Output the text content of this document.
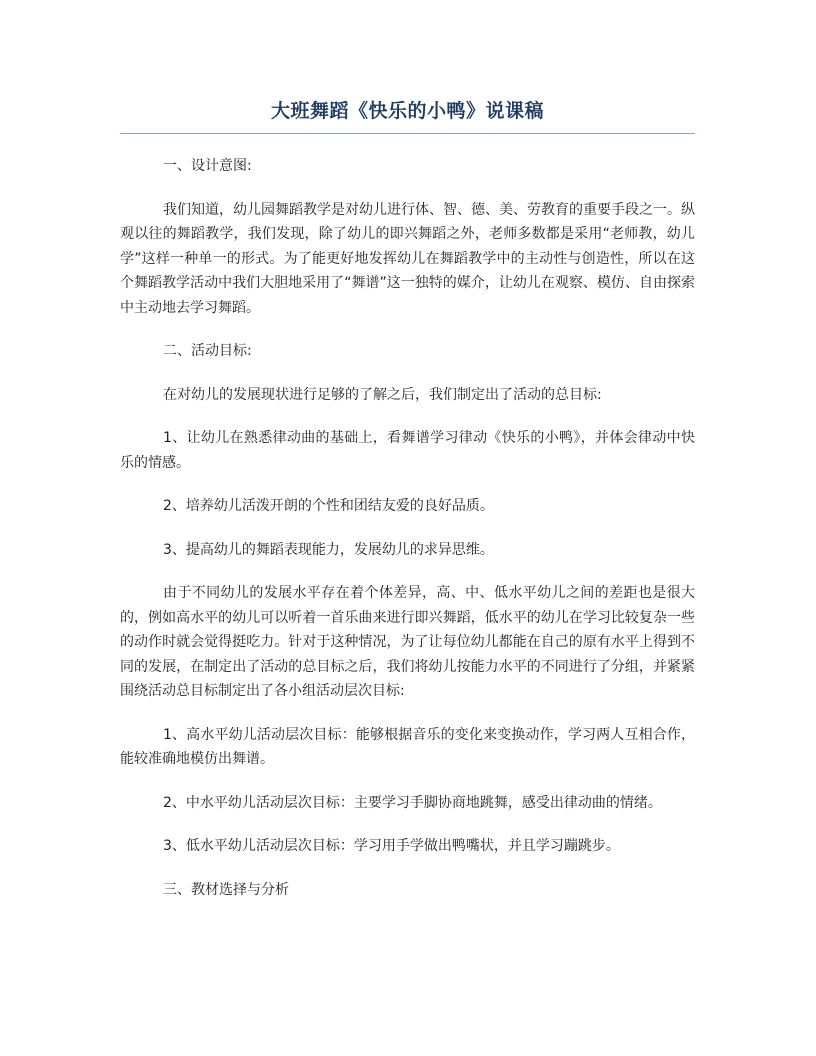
大班舞蹈《快乐的小鸭》说课稿

一、设计意图:

我们知道，幼儿园舞蹈教学是对幼儿进行体、智、德、美、劳教育的重要手段之一。纵观以往的舞蹈教学，我们发现，除了幼儿的即兴舞蹈之外，老师多数都是采用“老师教，幼儿学”这样一种单一的形式。为了能更好地发挥幼儿在舞蹈教学中的主动性与创造性，所以在这个舞蹈教学活动中我们大胆地采用了“舞谱”这一独特的媒介，让幼儿在观察、模仿、自由探索中主动地去学习舞蹈。

二、活动目标:

在对幼儿的发展现状进行足够的了解之后，我们制定出了活动的总目标:

1、让幼儿在熟悉律动曲的基础上，看舞谱学习律动《快乐的小鸭》，并体会律动中快乐的情感。

2、培养幼儿活泼开朗的个性和团结友爱的良好品质。

3、提高幼儿的舞蹈表现能力，发展幼儿的求异思维。

由于不同幼儿的发展水平存在着个体差异，高、中、低水平幼儿之间的差距也是很大的，例如高水平的幼儿可以听着一首乐曲来进行即兴舞蹈，低水平的幼儿在学习比较复杂一些的动作时就会觉得挺吃力。针对于这种情况，为了让每位幼儿都能在自己的原有水平上得到不同的发展，在制定出了活动的总目标之后，我们将幼儿按能力水平的不同进行了分组，并紧紧围绕活动总目标制定出了各小组活动层次目标:

1、高水平幼儿活动层次目标：能够根据音乐的变化来变换动作，学习两人互相合作，能较准确地模仿出舞谱。

2、中水平幼儿活动层次目标：主要学习手脚协商地跳舞，感受出律动曲的情绪。

3、低水平幼儿活动层次目标：学习用手学做出鸭嘴状，并且学习蹦跳步。

三、教材选择与分析
